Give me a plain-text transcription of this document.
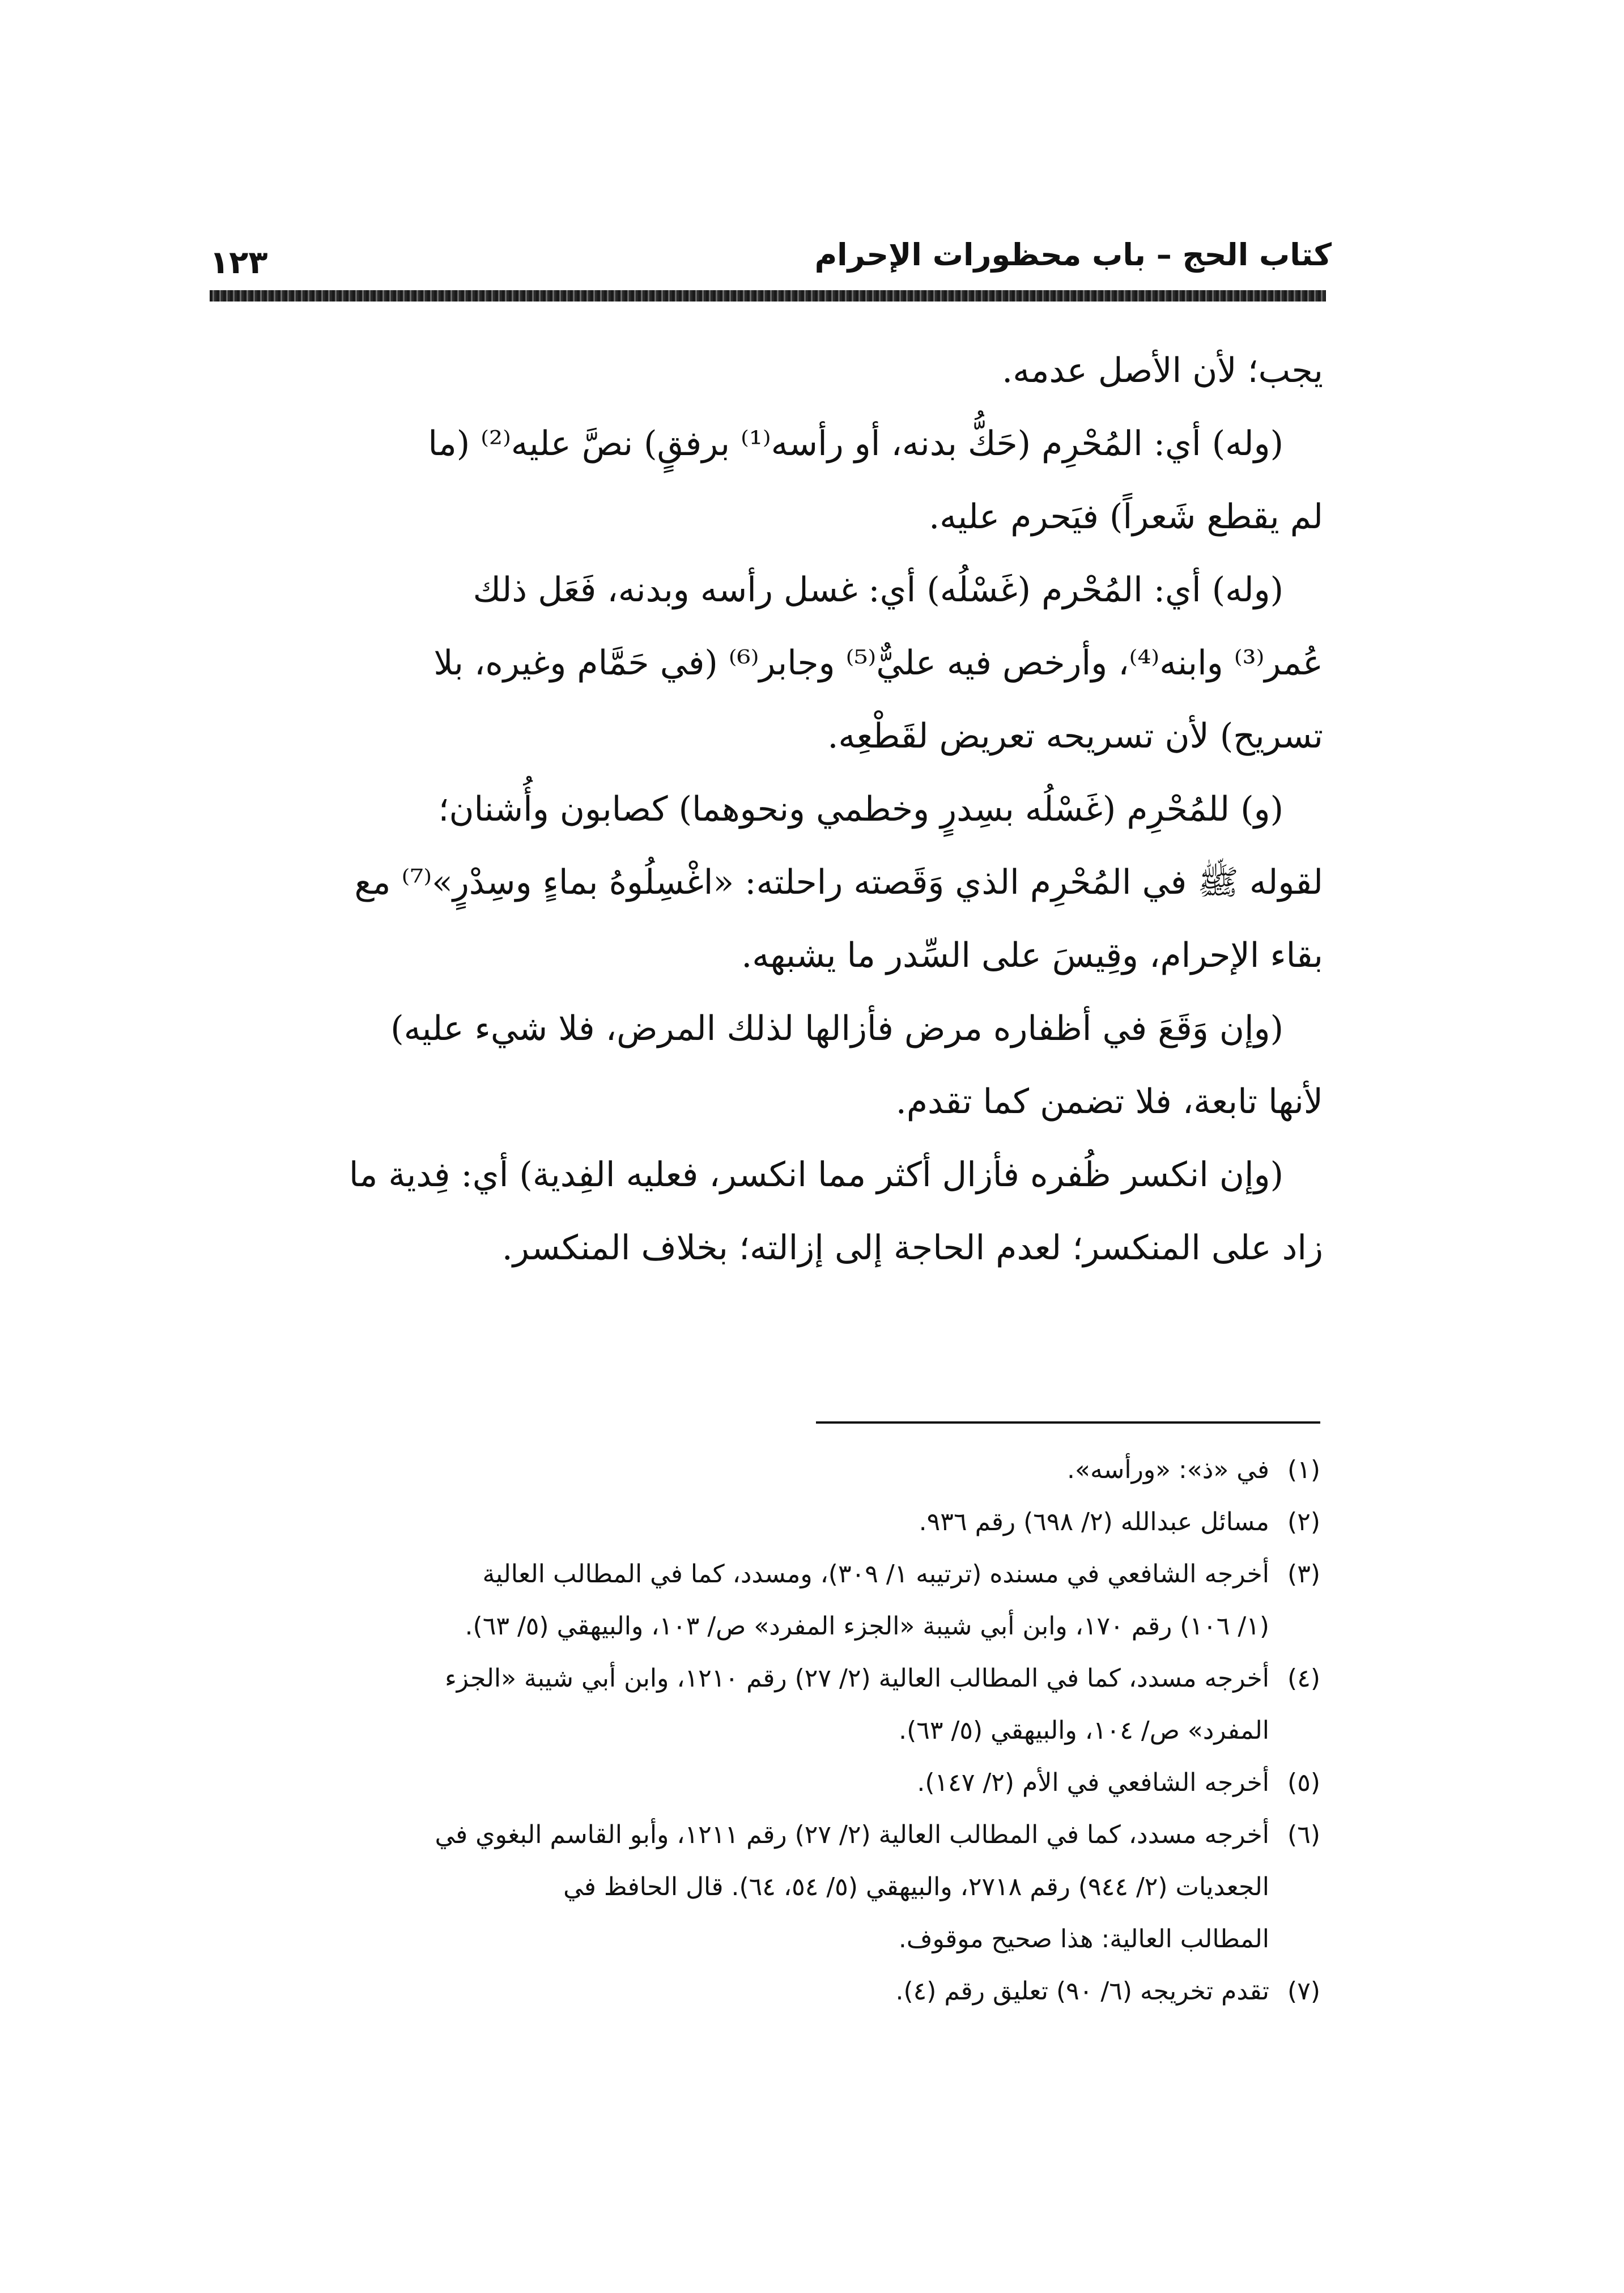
كتاب الحج – باب محظورات الإحرام
١٢٣
يجب؛ لأن الأصل عدمه.
(وله) أي: المُحْرِم (حَكُّ بدنه، أو رأسه⁽¹⁾ برفقٍ) نصَّ عليه⁽²⁾ (ما
لم يقطع شَعراً) فيَحرم عليه.
(وله) أي: المُحْرم (غَسْلُه) أي: غسل رأسه وبدنه، فَعَل ذلك
عُمر⁽³⁾ وابنه⁽⁴⁾، وأرخص فيه عليٌّ⁽⁵⁾ وجابر⁽⁶⁾ (في حَمَّام وغيره، بلا
تسريح) لأن تسريحه تعريض لقَطْعِه.
(و) للمُحْرِم (غَسْلُه بسِدرٍ وخطمي ونحوهما) كصابون وأُشنان؛
لقوله ﷺ في المُحْرِم الذي وَقَصته راحلته: «اغْسِلُوهُ بماءٍ وسِدْرٍ»⁽⁷⁾ مع
بقاء الإحرام، وقِيسَ على السِّدر ما يشبهه.
(وإن وَقَعَ في أظفاره مرض فأزالها لذلك المرض، فلا شيء عليه)
لأنها تابعة، فلا تضمن كما تقدم.
(وإن انكسر ظُفره فأزال أكثر مما انكسر، فعليه الفِدية) أي: فِدية ما
زاد على المنكسر؛ لعدم الحاجة إلى إزالته؛ بخلاف المنكسر.
(١)في «ذ»: «ورأسه».
(٢)مسائل عبدالله (٢/ ٦٩٨) رقم ٩٣٦.
(٣)أخرجه الشافعي في مسنده (ترتيبه ١/ ٣٠٩)، ومسدد، كما في المطالب العالية
(١/ ١٠٦) رقم ١٧٠، وابن أبي شيبة «الجزء المفرد» ص/ ١٠٣، والبيهقي (٥/ ٦٣).
(٤)أخرجه مسدد، كما في المطالب العالية (٢/ ٢٧) رقم ١٢١٠، وابن أبي شيبة «الجزء
المفرد» ص/ ١٠٤، والبيهقي (٥/ ٦٣).
(٥)أخرجه الشافعي في الأم (٢/ ١٤٧).
(٦)أخرجه مسدد، كما في المطالب العالية (٢/ ٢٧) رقم ١٢١١، وأبو القاسم البغوي في
الجعديات (٢/ ٩٤٤) رقم ٢٧١٨، والبيهقي (٥/ ٥٤، ٦٤). قال الحافظ في
المطالب العالية: هذا صحيح موقوف.
(٧)تقدم تخريجه (٦/ ٩٠) تعليق رقم (٤).
